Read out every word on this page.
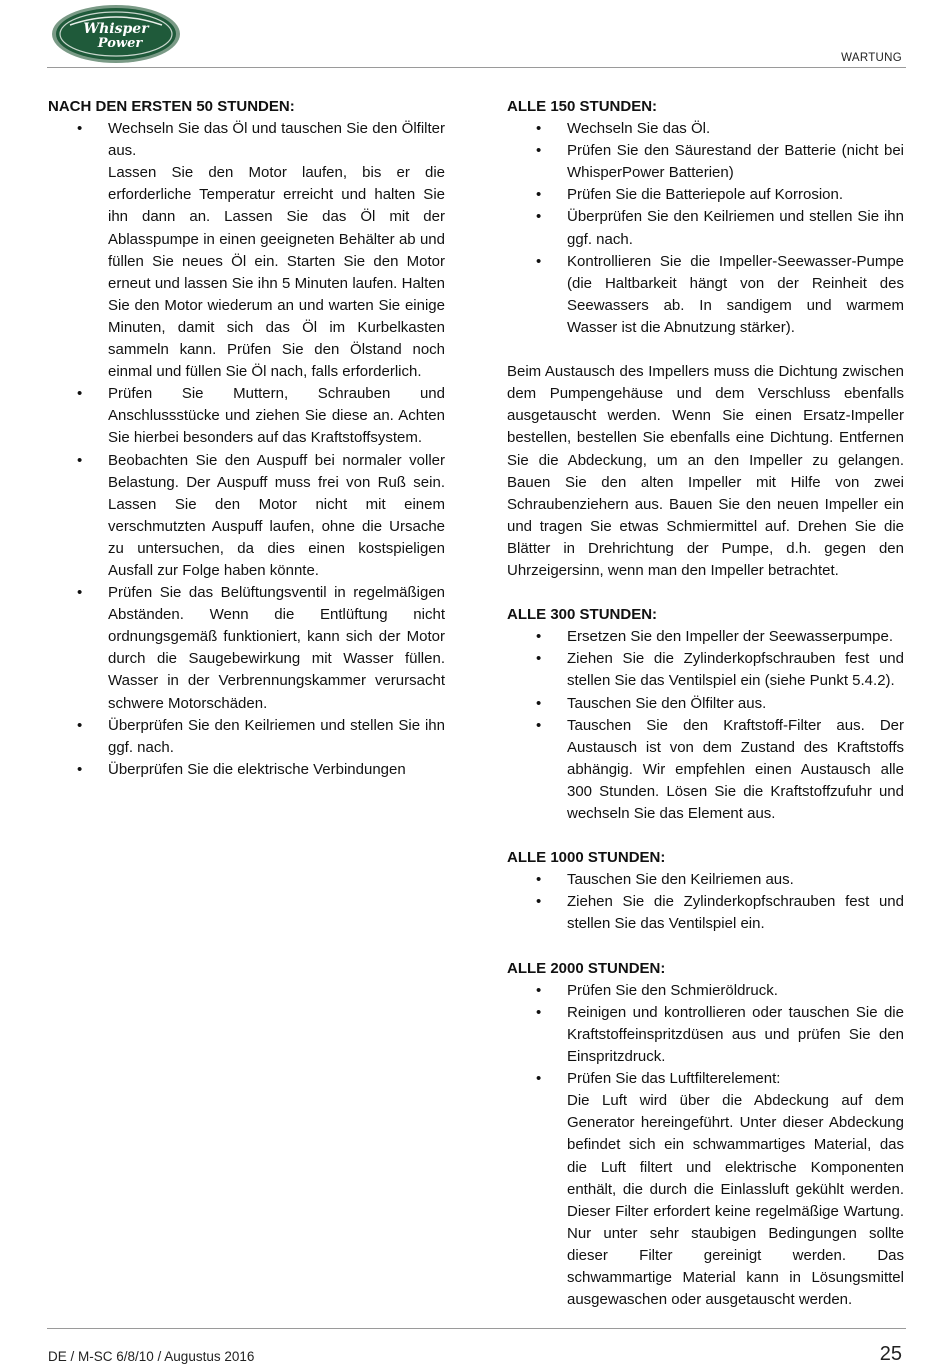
Whisper
Power
WARTUNG

NACH DEN ERSTEN 50 STUNDEN:

• Wechseln Sie das Öl und tauschen Sie den Ölfilter aus.
Lassen Sie den Motor laufen, bis er die erforderliche Temperatur erreicht und halten Sie ihn dann an. Lassen Sie das Öl mit der Ablasspumpe in einen geeigneten Behälter ab und füllen Sie neues Öl ein. Starten Sie den Motor erneut und lassen Sie ihn 5 Minuten laufen. Halten Sie den Motor wiederum an und warten Sie einige Minuten, damit sich das Öl im Kurbelkasten sammeln kann. Prüfen Sie den Ölstand noch einmal und füllen Sie Öl nach, falls erforderlich.
• Prüfen Sie Muttern, Schrauben und Anschlussstücke und ziehen Sie diese an. Achten Sie hierbei besonders auf das Kraftstoffsystem.
• Beobachten Sie den Auspuff bei normaler voller Belastung. Der Auspuff muss frei von Ruß sein. Lassen Sie den Motor nicht mit einem verschmutzten Auspuff laufen, ohne die Ursache zu untersuchen, da dies einen kostspieligen Ausfall zur Folge haben könnte.
• Prüfen Sie das Belüftungsventil in regelmäßigen Abständen. Wenn die Entlüftung nicht ordnungsgemäß funktioniert, kann sich der Motor durch die Saugebewirkung mit Wasser füllen. Wasser in der Verbrennungskammer verursacht schwere Motorschäden.
• Überprüfen Sie den Keilriemen und stellen Sie ihn ggf. nach.
• Überprüfen Sie die elektrische Verbindungen

ALLE 150 STUNDEN:

• Wechseln Sie das Öl.
• Prüfen Sie den Säurestand der Batterie (nicht bei WhisperPower Batterien)
• Prüfen Sie die Batteriepole auf Korrosion.
• Überprüfen Sie den Keilriemen und stellen Sie ihn ggf. nach.
• Kontrollieren Sie die Impeller-Seewasser-Pumpe (die Haltbarkeit hängt von der Reinheit des Seewassers ab. In sandigem und warmem Wasser ist die Abnutzung stärker).

Beim Austausch des Impellers muss die Dichtung zwischen dem Pumpengehäuse und dem Verschluss ebenfalls ausgetauscht werden. Wenn Sie einen Ersatz-Impeller bestellen, bestellen Sie ebenfalls eine Dichtung. Entfernen Sie die Abdeckung, um an den Impeller zu gelangen. Bauen Sie den alten Impeller mit Hilfe von zwei Schraubenziehern aus. Bauen Sie den neuen Impeller ein und tragen Sie etwas Schmiermittel auf. Drehen Sie die Blätter in Drehrichtung der Pumpe, d.h. gegen den Uhrzeigersinn, wenn man den Impeller betrachtet.

ALLE 300 STUNDEN:

• Ersetzen Sie den Impeller der Seewasserpumpe.
• Ziehen Sie die Zylinderkopfschrauben fest und stellen Sie das Ventilspiel ein (siehe Punkt 5.4.2).
• Tauschen Sie den Ölfilter aus.
• Tauschen Sie den Kraftstoff-Filter aus. Der Austausch ist von dem Zustand des Kraftstoffs abhängig. Wir empfehlen einen Austausch alle 300 Stunden. Lösen Sie die Kraftstoffzufuhr und wechseln Sie das Element aus.

ALLE 1000 STUNDEN:

• Tauschen Sie den Keilriemen aus.
• Ziehen Sie die Zylinderkopfschrauben fest und stellen Sie das Ventilspiel ein.

ALLE 2000 STUNDEN:

• Prüfen Sie den Schmieröldruck.
• Reinigen und kontrollieren oder tauschen Sie die Kraftstoffeinspritzdüsen aus und prüfen Sie den Einspritzdruck.
• Prüfen Sie das Luftfilterelement:
Die Luft wird über die Abdeckung auf dem Generator hereingeführt. Unter dieser Abdeckung befindet sich ein schwammartiges Material, das die Luft filtert und elektrische Komponenten enthält, die durch die Einlassluft gekühlt werden. Dieser Filter erfordert keine regelmäßige Wartung. Nur unter sehr staubigen Bedingungen sollte dieser Filter gereinigt werden. Das schwammartige Material kann in Lösungsmittel ausgewaschen oder ausgetauscht werden.
DE / M-SC 6/8/10 / Augustus 2016	25
